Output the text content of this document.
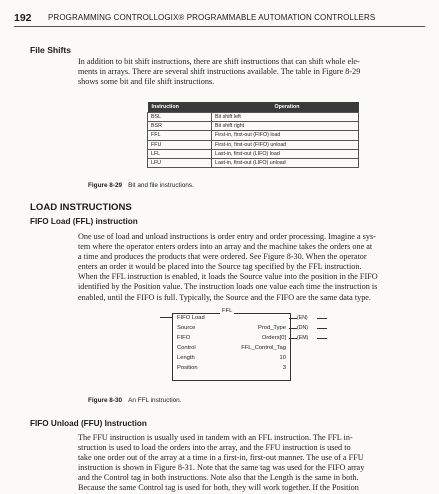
192 PROGRAMMING CONTROLLOGIX® PROGRAMMABLE AUTOMATION CONTROLLERS
File Shifts

In addition to bit shift instructions, there are shift instructions that can shift whole ele-

ments in arrays. There are several shift instructions available. The table in Figure 8-29

shows some bit and file shift instructions.

Instruction	Operation
BSL	Bit shift left
BSR	Bit shift right
FFL	First-in, first-out (FIFO) load
FFU	First-in, first-out (FIFO) unload
LFL	Last-in, first-out (LIFO) load
LFU	Last-in, first-out (LIFO) unload
Figure 8-29 Bit and file instructions.
LOAD INSTRUCTIONS
FIFO Load (FFL) instruction

One use of load and unload instructions is order entry and order processing. Imagine a sys-

tem where the operator enters orders into an array and the machine takes the orders one at

a time and produces the products that were ordered. See Figure 8-30. When the operator

enters an order it would be placed into the Source tag specified by the FFL instruction.

When the FFL instruction is enabled, it loads the Source value into the position in the FIFO

identified by the Position value. The instruction loads one value each time the instruction is

enabled, until the FIFO is full. Typically, the Source and the FIFO are the same data type.

FFL
FIFO Load
Source
FIFO
Control
Length
Position
Prod_Type
Orders[0]
FFL_Control_Tag
10
3
(EN)
(DN)
(EM)
Figure 8-30 An FFL instruction.
FIFO Unload (FFU) Instruction

The FFU instruction is usually used in tandem with an FFL instruction. The FFL in-

struction is used to load the orders into the array, and the FFU instruction is used to

take one order out of the array at a time in a first-in, first-out manner. The use of a FFU

instruction is shown in Figure 8-31. Note that the same tag was used for the FIFO array

and the Control tag in both instructions. Note also that the Length is the same in both.

Because the same Control tag is used for both, they will work together. If the Position
